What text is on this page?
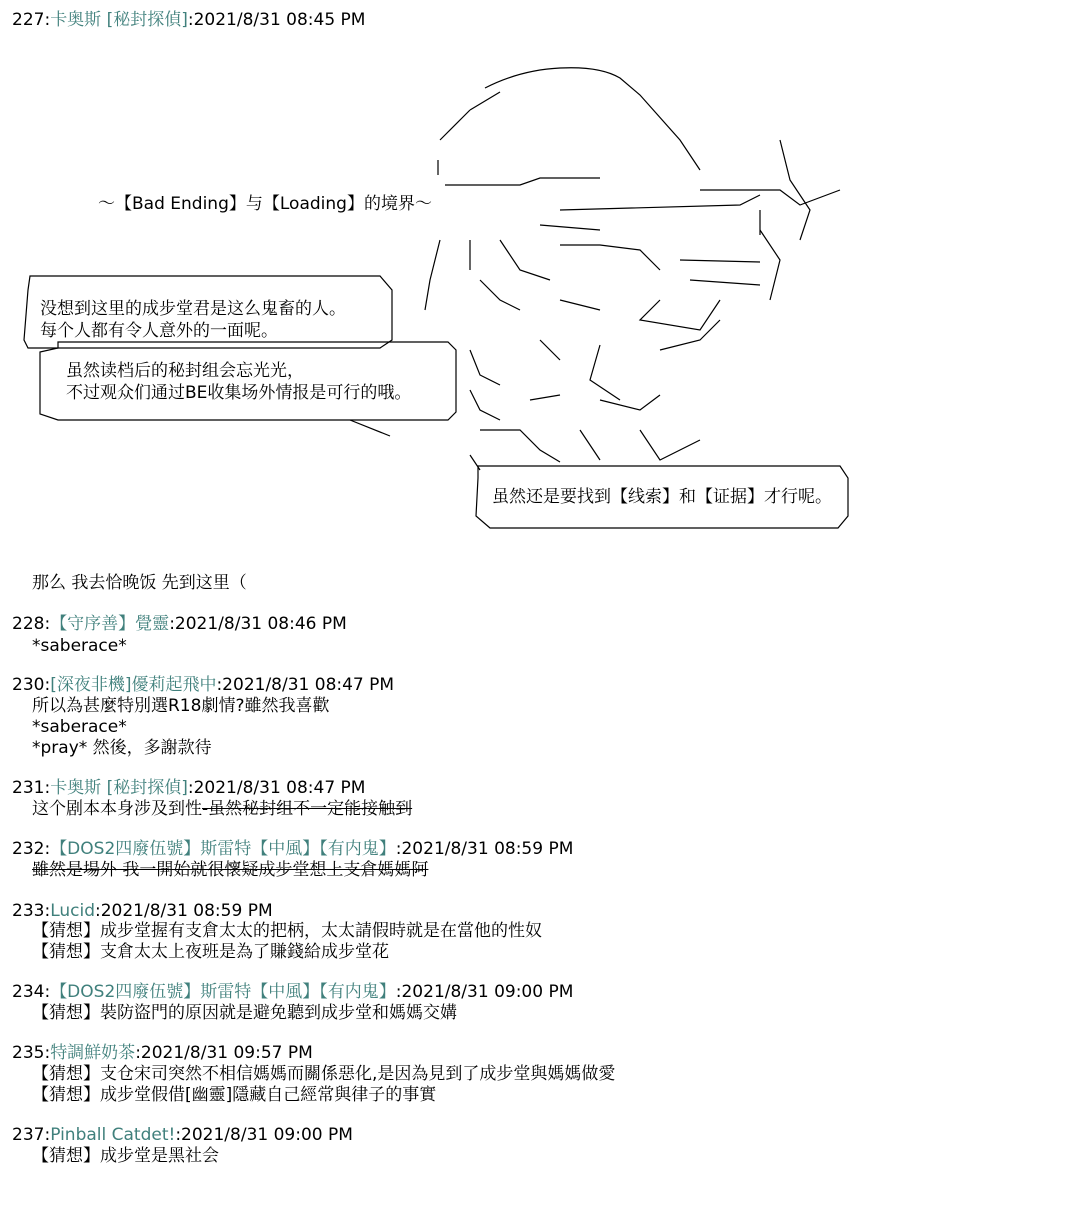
227:卡奥斯 [秘封探偵]:2021/8/31 08:45 PM
～【Bad Ending】与【Loading】的境界～
没想到这里的成步堂君是这么鬼畜的人。
每个人都有令人意外的一面呢。
虽然读档后的秘封组会忘光光，
不过观众们通过BE收集场外情报是可行的哦。
虽然还是要找到【线索】和【证据】才行呢。
那么 我去恰晚饭 先到这里（
228:【守序善】覺靈:2021/8/31 08:46 PM
*saberace*
230:[深夜非機]優莉起飛中:2021/8/31 08:47 PM
所以為甚麼特別選R18劇情?雖然我喜歡
*saberace*
*pray* 然後，多謝款待
231:卡奥斯 [秘封探偵]:2021/8/31 08:47 PM
这个剧本本身涉及到性-虽然秘封组不一定能接触到
232:【DOS2四廢伍號】斯雷特【中風】【有内鬼】:2021/8/31 08:59 PM
雖然是場外 我一開始就很懷疑成步堂想上支倉媽媽阿
233:Lucid:2021/8/31 08:59 PM
【猜想】成步堂握有支倉太太的把柄，太太請假時就是在當他的性奴
【猜想】支倉太太上夜班是為了賺錢給成步堂花
234:【DOS2四廢伍號】斯雷特【中風】【有内鬼】:2021/8/31 09:00 PM
【猜想】裝防盜門的原因就是避免聽到成步堂和媽媽交媾
235:特調鮮奶茶:2021/8/31 09:57 PM
【猜想】支仓宋司突然不相信媽媽而關係惡化,是因為見到了成步堂與媽媽做愛
【猜想】成步堂假借[幽靈]隱藏自己經常與律子的事實
237:Pinball Catdet!:2021/8/31 09:00 PM
【猜想】成步堂是黑社会
